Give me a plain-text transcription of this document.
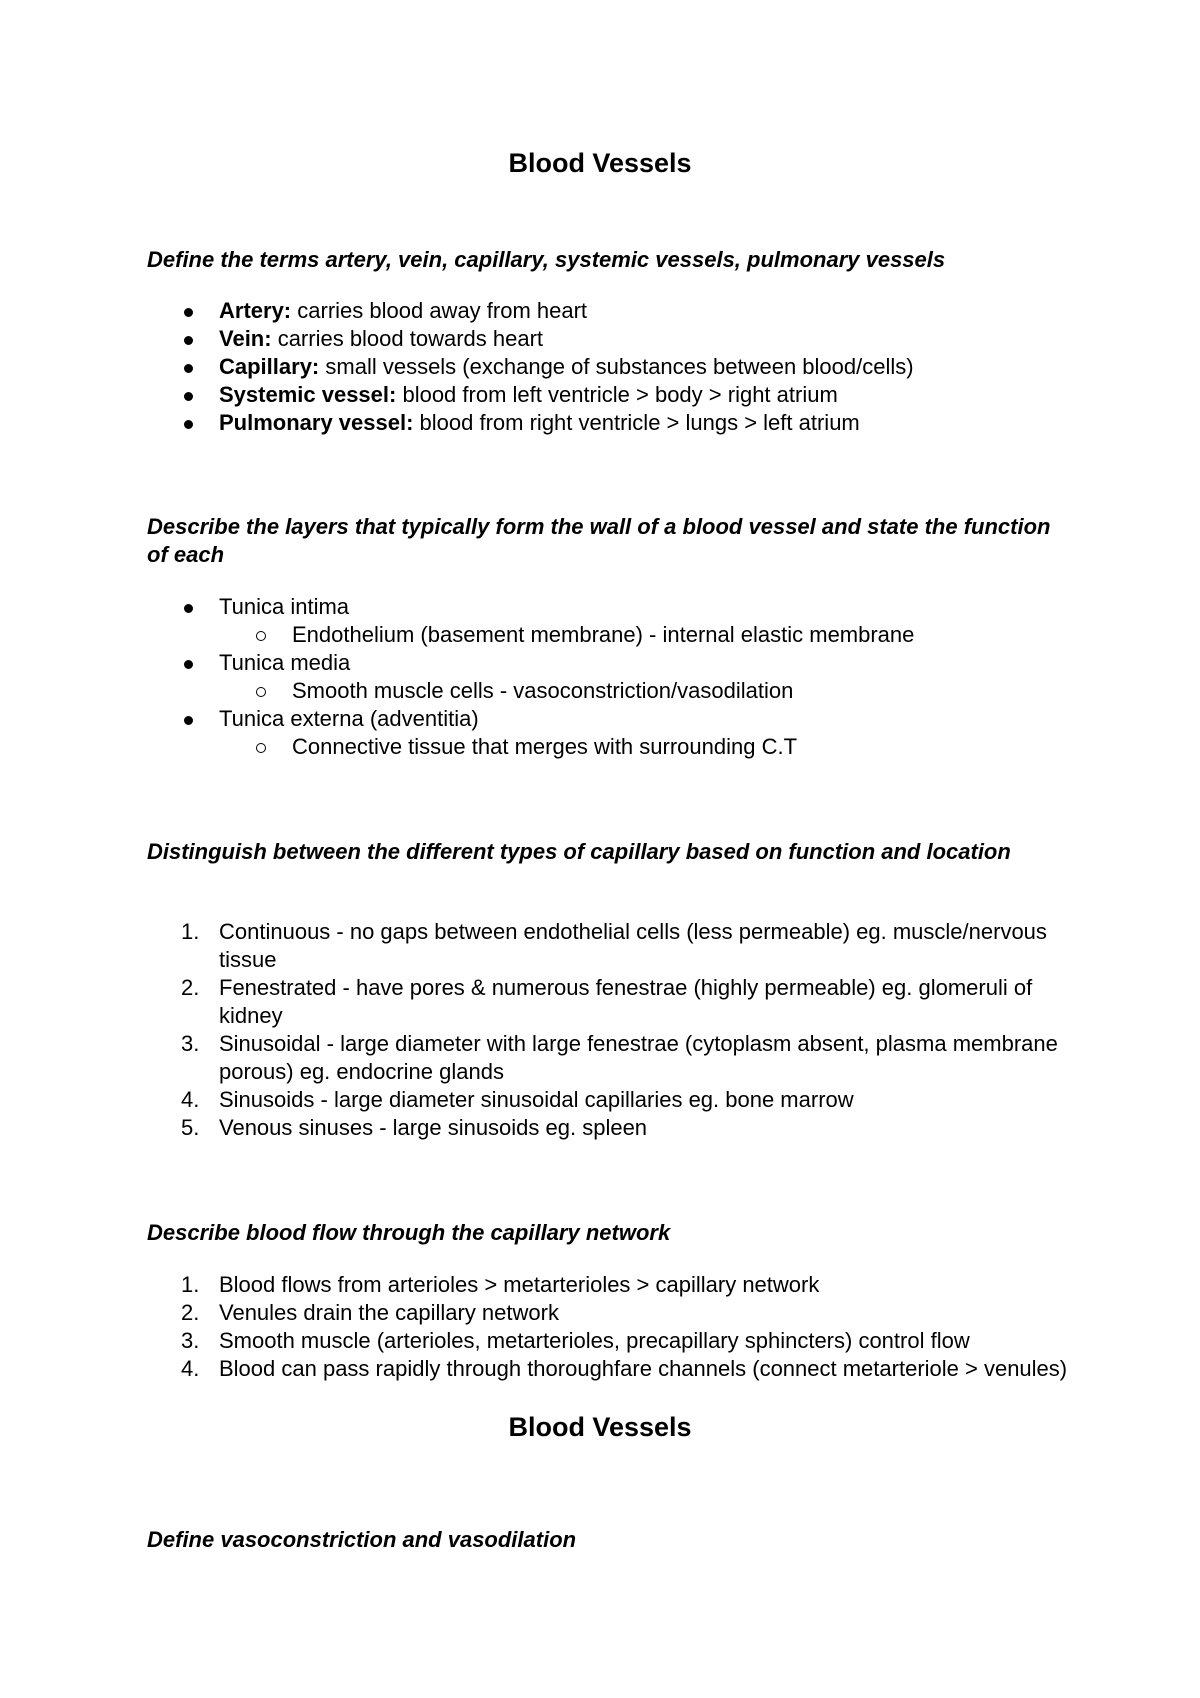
Blood Vessels

Define the terms artery, vein, capillary, systemic vessels, pulmonary vessels

Artery: carries blood away from heart
Vein: carries blood towards heart
Capillary: small vessels (exchange of substances between blood/cells)
Systemic vessel: blood from left ventricle > body > right atrium
Pulmonary vessel: blood from right ventricle > lungs > left atrium

Describe the layers that typically form the wall of a blood vessel and state the function of each

Tunica intima
Endothelium (basement membrane) - internal elastic membrane
Tunica media
Smooth muscle cells - vasoconstriction/vasodilation
Tunica externa (adventitia)
Connective tissue that merges with surrounding C.T

Distinguish between the different types of capillary based on function and location

1. Continuous - no gaps between endothelial cells (less permeable) eg. muscle/nervous tissue
2. Fenestrated - have pores & numerous fenestrae (highly permeable) eg. glomeruli of kidney
3. Sinusoidal - large diameter with large fenestrae (cytoplasm absent, plasma membrane porous) eg. endocrine glands
4. Sinusoids - large diameter sinusoidal capillaries eg. bone marrow
5. Venous sinuses - large sinusoids eg. spleen

Describe blood flow through the capillary network

1. Blood flows from arterioles > metarterioles > capillary network
2. Venules drain the capillary network
3. Smooth muscle (arterioles, metarterioles, precapillary sphincters) control flow
4. Blood can pass rapidly through thoroughfare channels (connect metarteriole > venules)
Blood Vessels

Define vasoconstriction and vasodilation
